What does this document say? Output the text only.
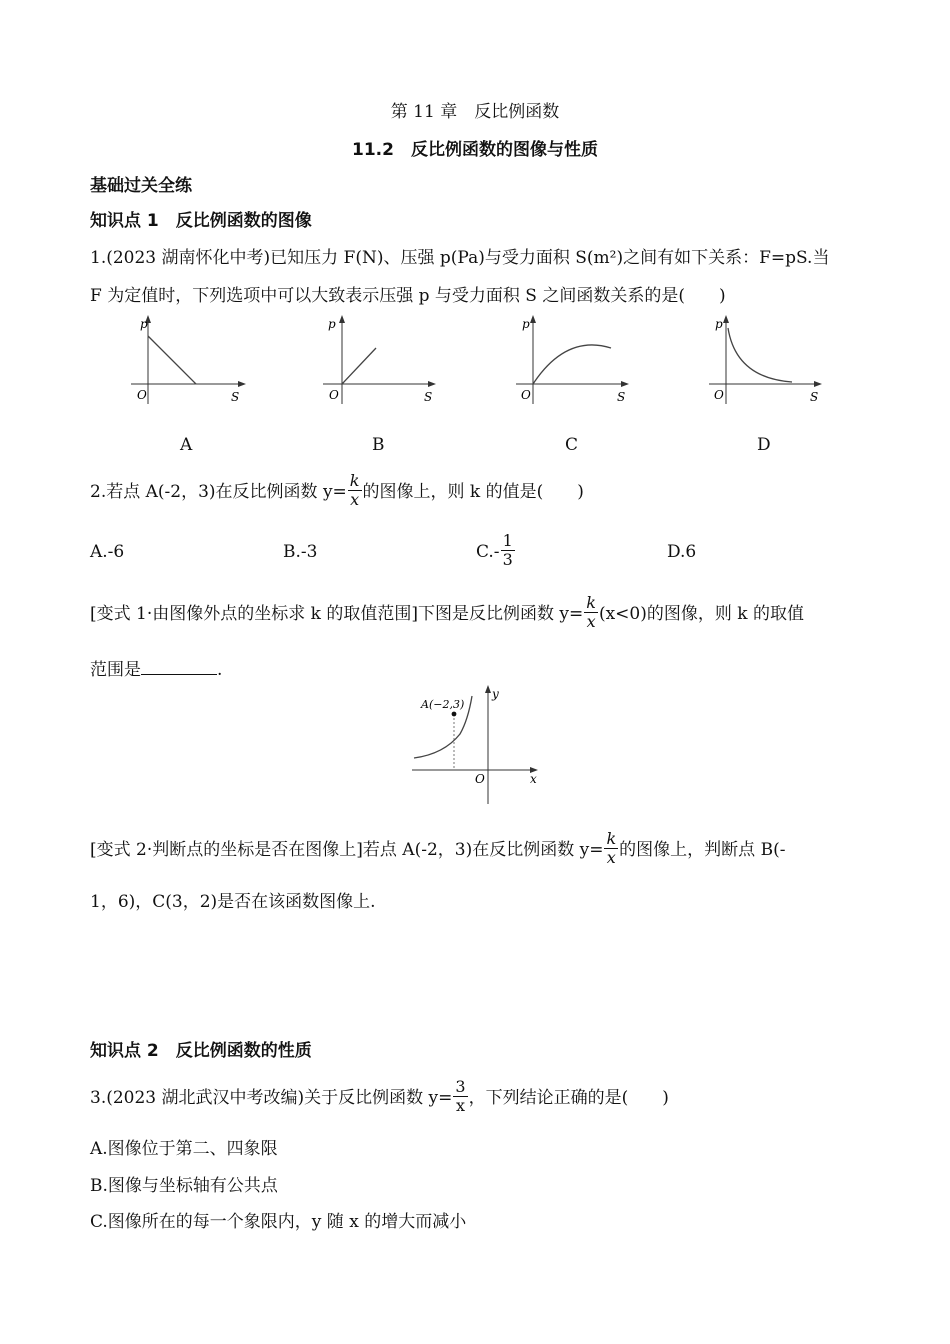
第 11 章　反比例函数
11.2　反比例函数的图像与性质
基础过关全练
知识点 1　反比例函数的图像
1.(2023 湖南怀化中考)已知压力 F(N)、压强 p(Pa)与受力面积 S(m²)之间有如下关系：F=pS.当
F 为定值时，下列选项中可以大致表示压强 p 与受力面积 S 之间函数关系的是(　　)
p
O	S
A
p
O	S
B
p
O	S
C
p
O	S
D
2.若点 A(-2，3)在反比例函数 $y= \frac{k}{x}$ 的图像上，则 k 的值是(　　)
A.-6	B.-3	$C.- \frac{1}{3}$	D.6
[变式 1·由图像外点的坐标求 k 的取值范围]下图是反比例函数 $y= \frac{k}{x} (x<0)$的图像，则 k 的取值
范围是	.
A(−2,3)
y
O	x
[变式 2·判断点的坐标是否在图像上]若点 A(-2，3)在反比例函数 $y= \frac{k}{x}$ 的图像上，判断点 B(-
1，6)，C(3，2)是否在该函数图像上.
知识点 2　反比例函数的性质
3.(2023 湖北武汉中考改编)关于反比例函数 $y= \frac{3}{x}$ ，下列结论正确的是(　　)
A.图像位于第二、四象限
B.图像与坐标轴有公共点
C.图像所在的每一个象限内，y 随 x 的增大而减小
